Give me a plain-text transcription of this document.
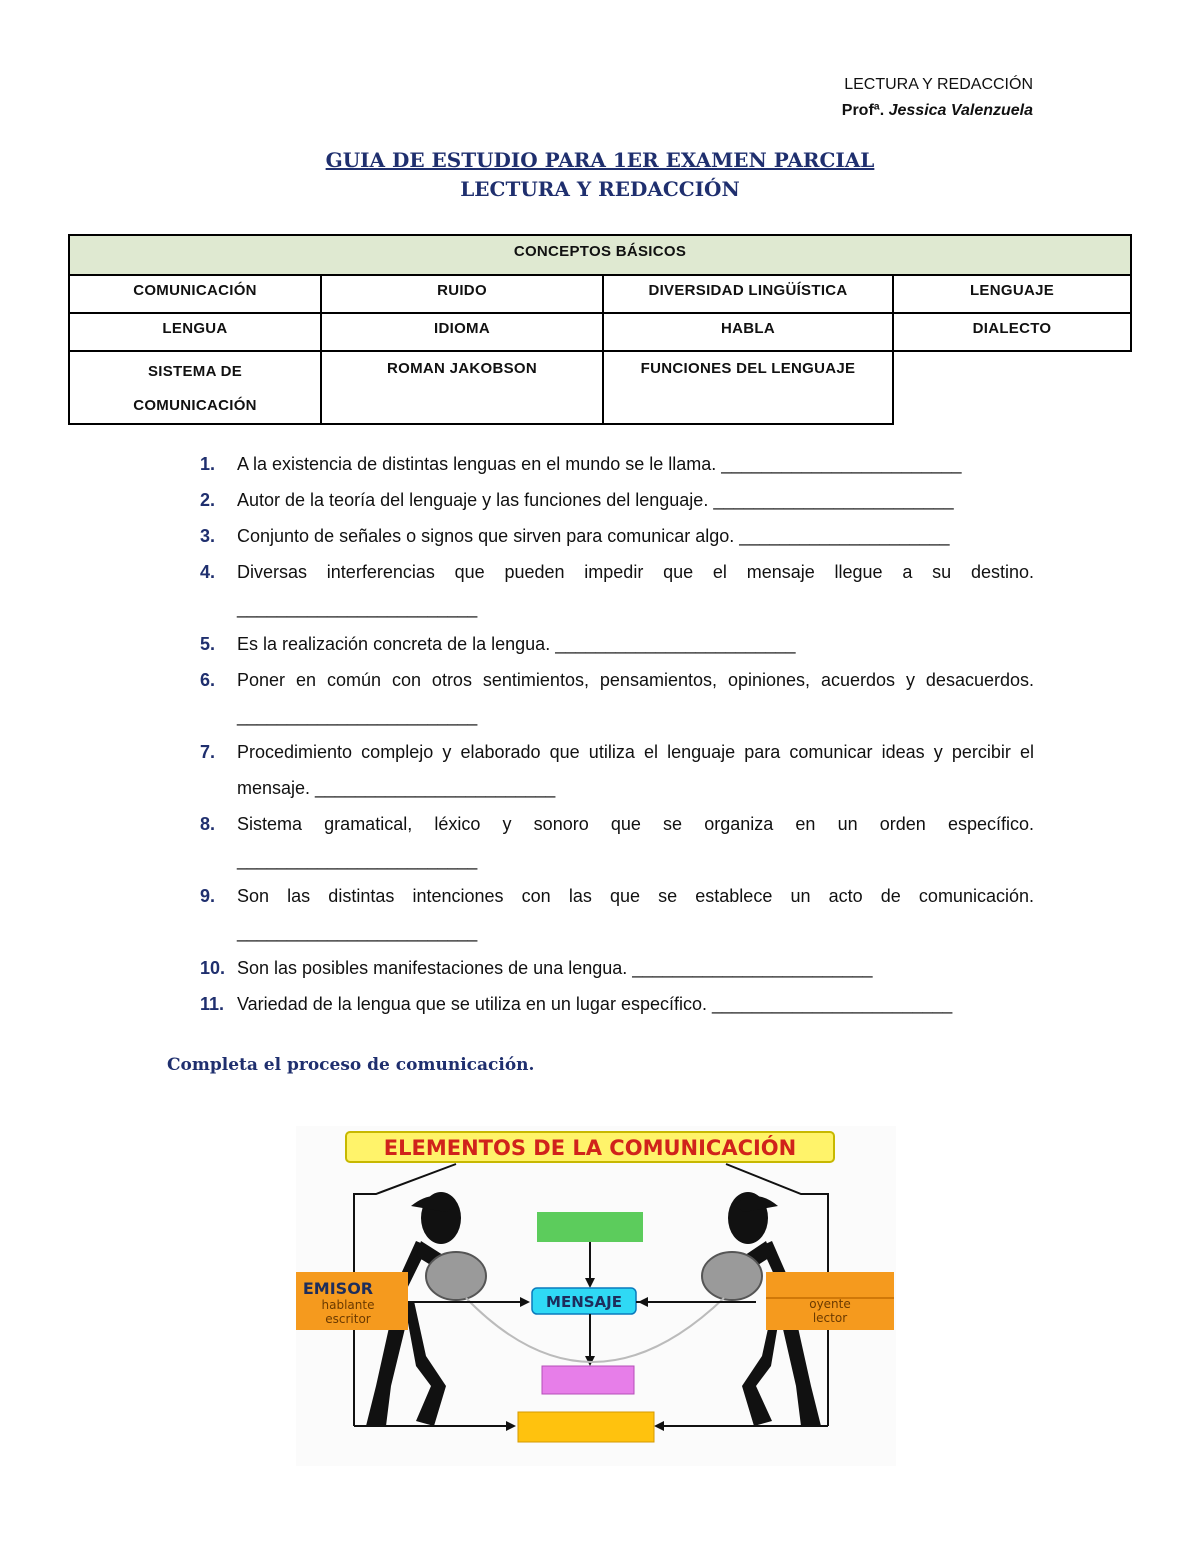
LECTURA Y REDACCIÓN
Profª. Jessica Valenzuela
GUIA DE ESTUDIO PARA 1ER EXAMEN PARCIAL
LECTURA Y REDACCIÓN
CONCEPTOS BÁSICOS			
COMUNICACIÓN	RUIDO	DIVERSIDAD LINGÜÍSTICA	LENGUAJE
LENGUA	IDIOMA	HABLA	DIALECTO
SISTEMA DE COMUNICACIÓN	ROMAN JAKOBSON	FUNCIONES DEL LENGUAJE	
1. A la existencia de distintas lenguas en el mundo se le llama. ________________________
2. Autor de la teoría del lenguaje y las funciones del lenguaje. ________________________
3. Conjunto de señales o signos que sirven para comunicar algo. _____________________
4. Diversas interferencias que pueden impedir que el mensaje llegue a su destino. ________________________
5. Es la realización concreta de la lengua. ________________________
6. Poner en común con otros sentimientos, pensamientos, opiniones, acuerdos y desacuerdos. ________________________
7. Procedimiento complejo y elaborado que utiliza el lenguaje para comunicar ideas y percibir el mensaje. ________________________
8. Sistema gramatical, léxico y sonoro que se organiza en un orden específico. ________________________
9. Son las distintas intenciones con las que se establece un acto de comunicación. ________________________
10. Son las posibles manifestaciones de una lengua. ________________________
11. Variedad de la lengua que se utiliza en un lugar específico. ________________________
Completa el proceso de comunicación.
ELEMENTOS DE LA COMUNICACIÓN
EMISOR
hablante
escritor
MENSAJE	oyente
lector
